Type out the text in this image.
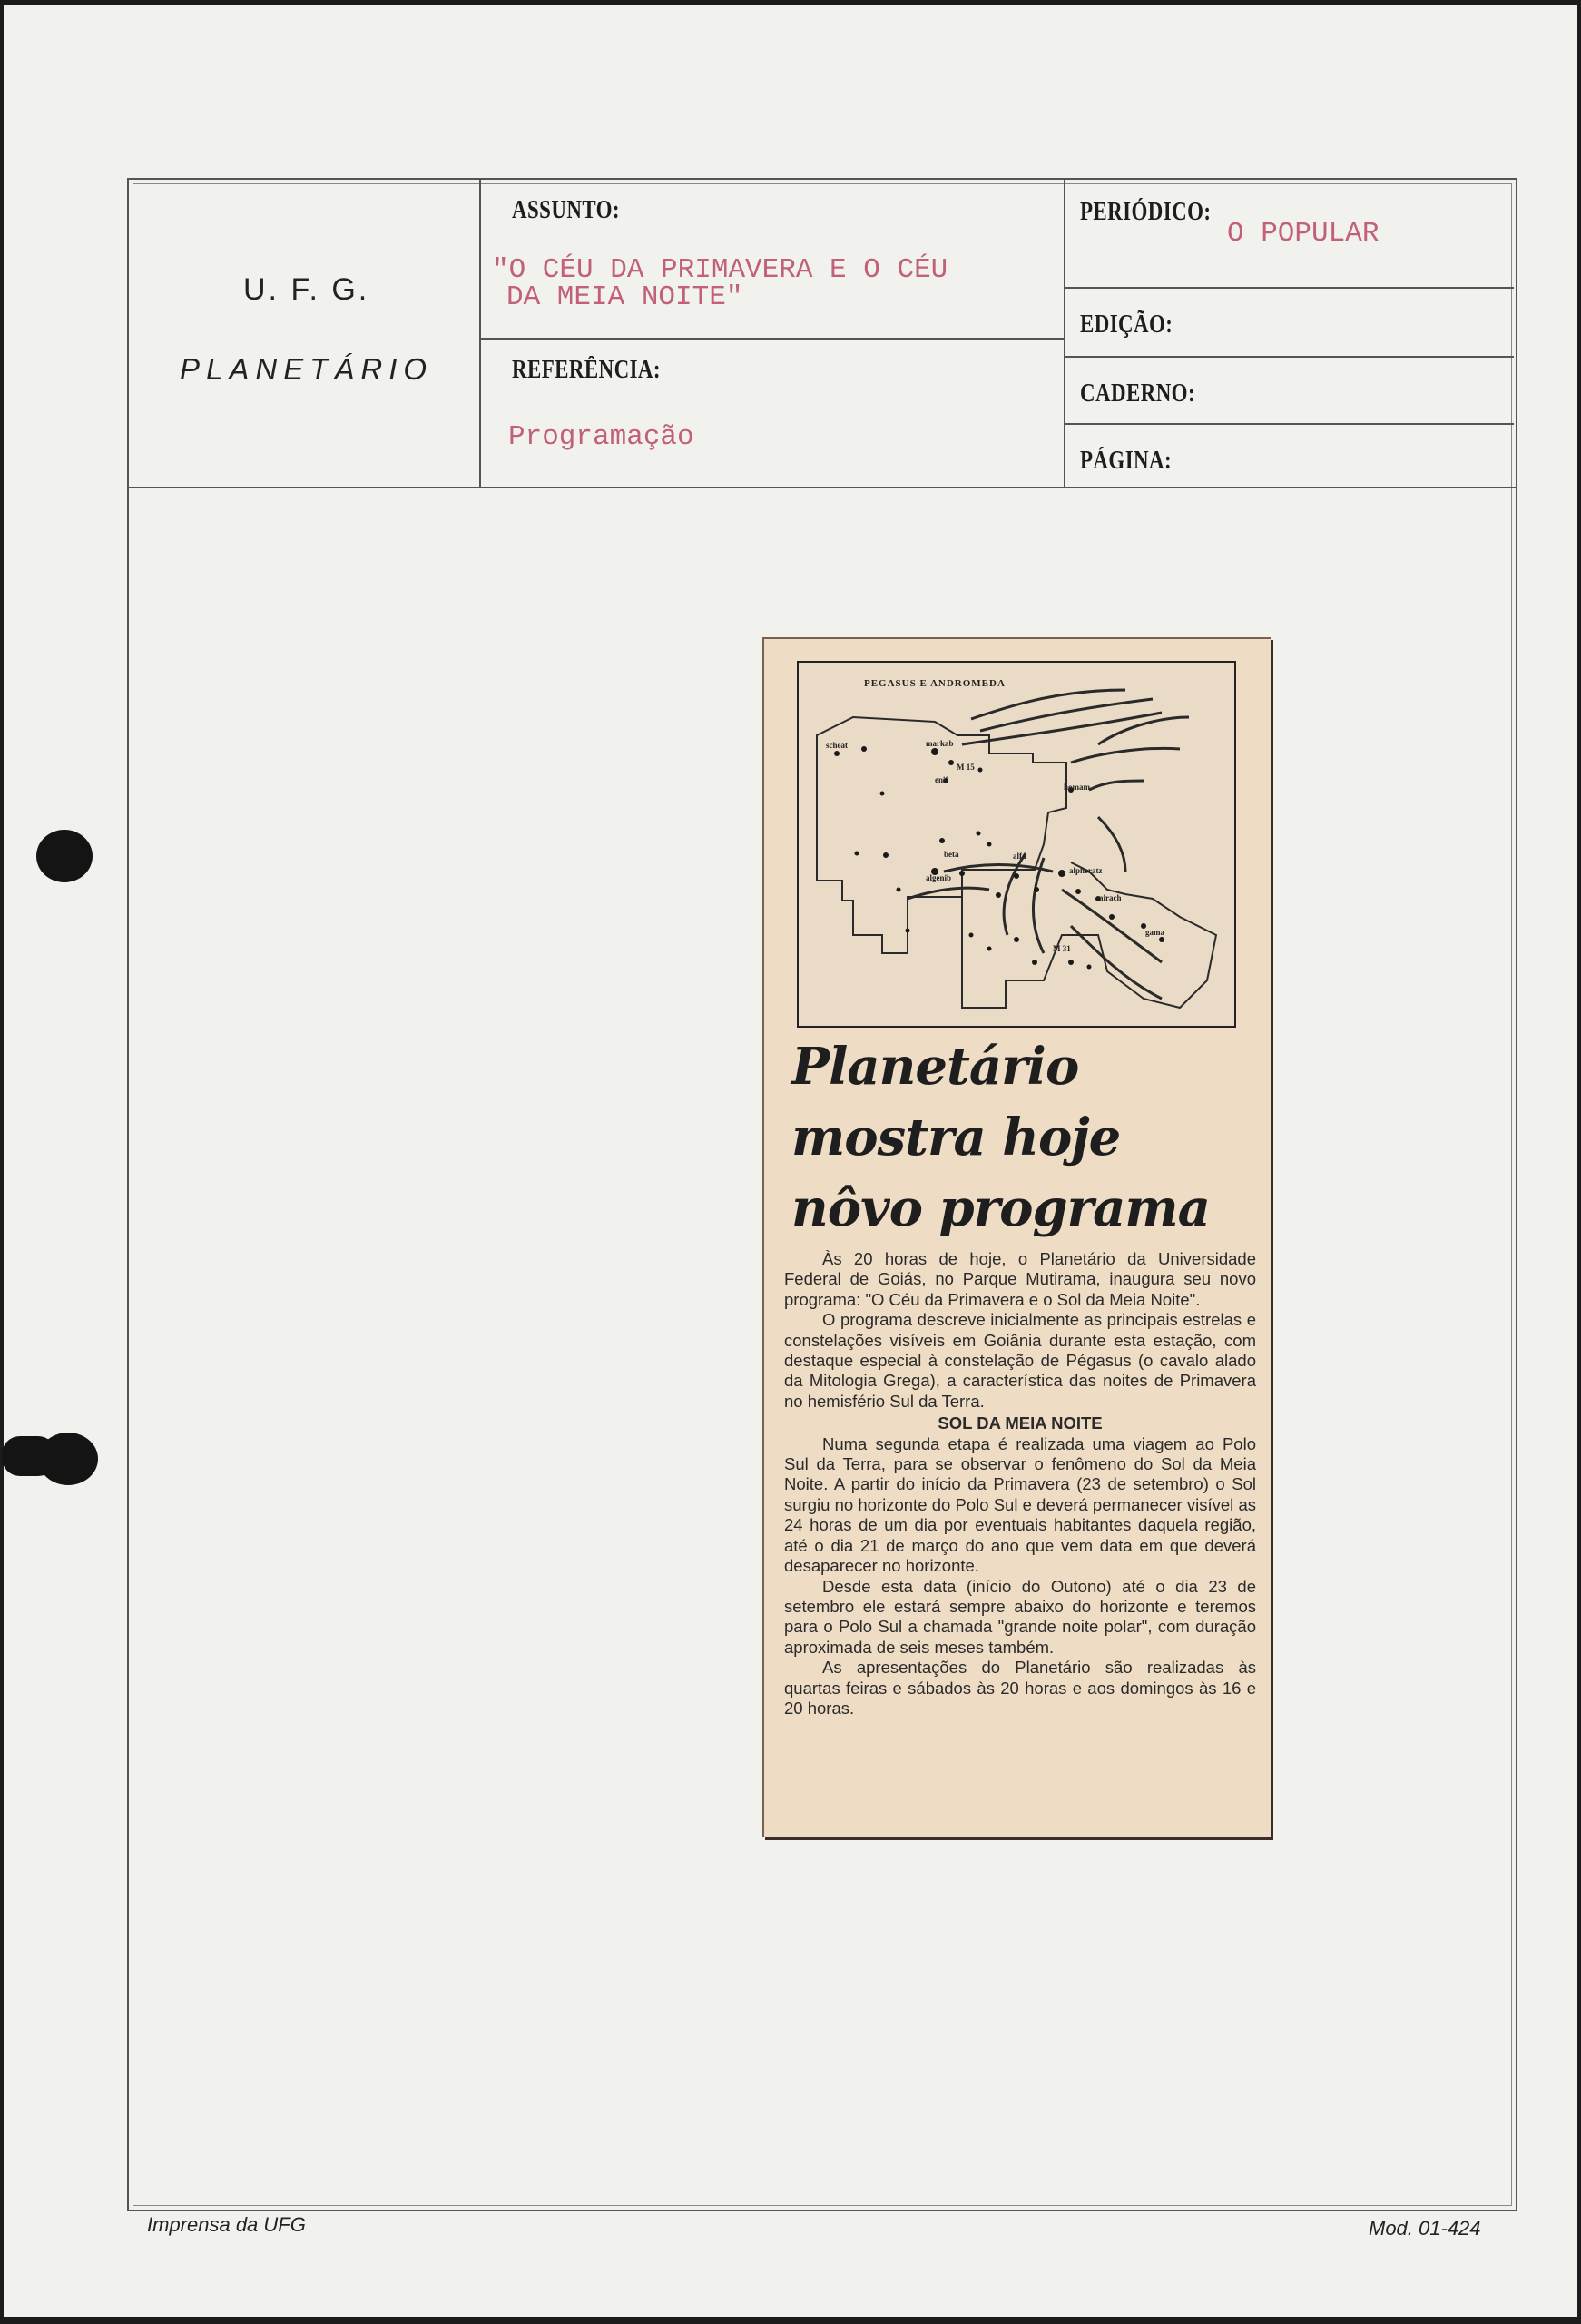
U. F. G.
PLANETÁRIO
ASSUNTO:
"O CÉU DA PRIMAVERA E O CÉU
DA MEIA NOITE"
REFERÊNCIA:
Programação
PERIÓDICO:
O POPULAR
EDIÇÃO:
CADERNO:
PÁGINA:
PEGASUS E ANDROMEDA
scheat	markab
M 15
enif
homam
beta	alfa
algenib
alpheratz
mirach
M 31
gama
Planetário
mostra hoje
nôvo programa

Às 20 horas de hoje, o Planetário da Universidade Federal de Goiás, no Parque Mutirama, inaugura seu novo programa: "O Céu da Primavera e o Sol da Meia Noite".

O programa descreve inicialmente as principais estrelas e constelações visíveis em Goiânia durante esta estação, com destaque especial à constelação de Pégasus (o cavalo alado da Mitologia Grega), a característica das noites de Primavera no hemisfério Sul da Terra.

SOL DA MEIA NOITE

Numa segunda etapa é realizada uma viagem ao Polo Sul da Terra, para se observar o fenômeno do Sol da Meia Noite. A partir do início da Primavera (23 de setembro) o Sol surgiu no horizonte do Polo Sul e deverá permanecer visível as 24 horas de um dia por eventuais habitantes daquela região, até o dia 21 de março do ano que vem data em que deverá desaparecer no horizonte.

Desde esta data (início do Outono) até o dia 23 de setembro ele estará sempre abaixo do horizonte e teremos para o Polo Sul a chamada "grande noite polar", com duração aproximada de seis meses também.

As apresentações do Planetário são realizadas às quartas feiras e sábados às 20 horas e aos domingos às 16 e 20 horas.

Imprensa da UFG	Mod. 01-424
